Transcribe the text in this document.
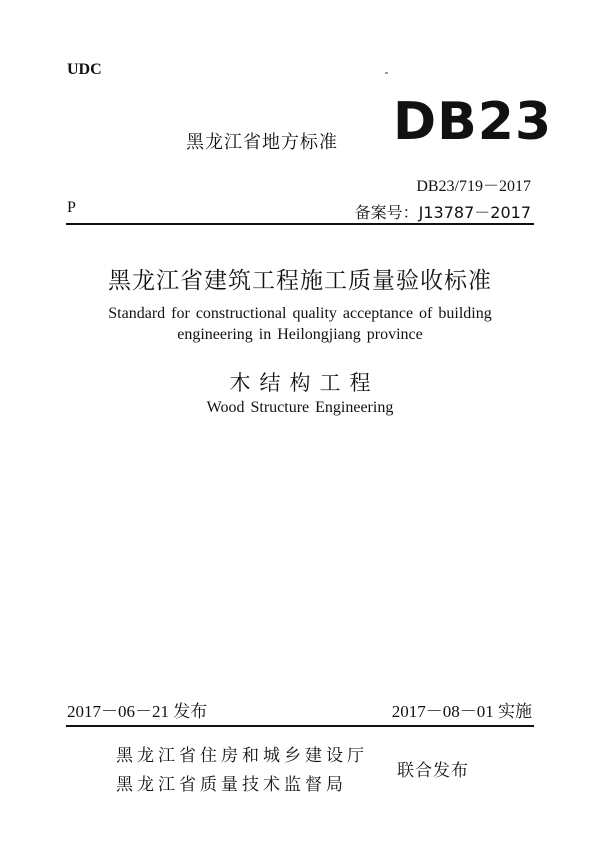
UDC
黑龙江省地方标准 DB23
DB23/719－2017
P	备案号：J13787－2017
黑龙江省建筑工程施工质量验收标准
Standard for constructional quality acceptance of building
engineering in Heilongjiang province
木结构工程
Wood Structure Engineering
2017－06－21 发布	2017－08－01 实施
黑龙江省住房和城乡建设厅
黑龙江省质量技术监督局
联合发布
